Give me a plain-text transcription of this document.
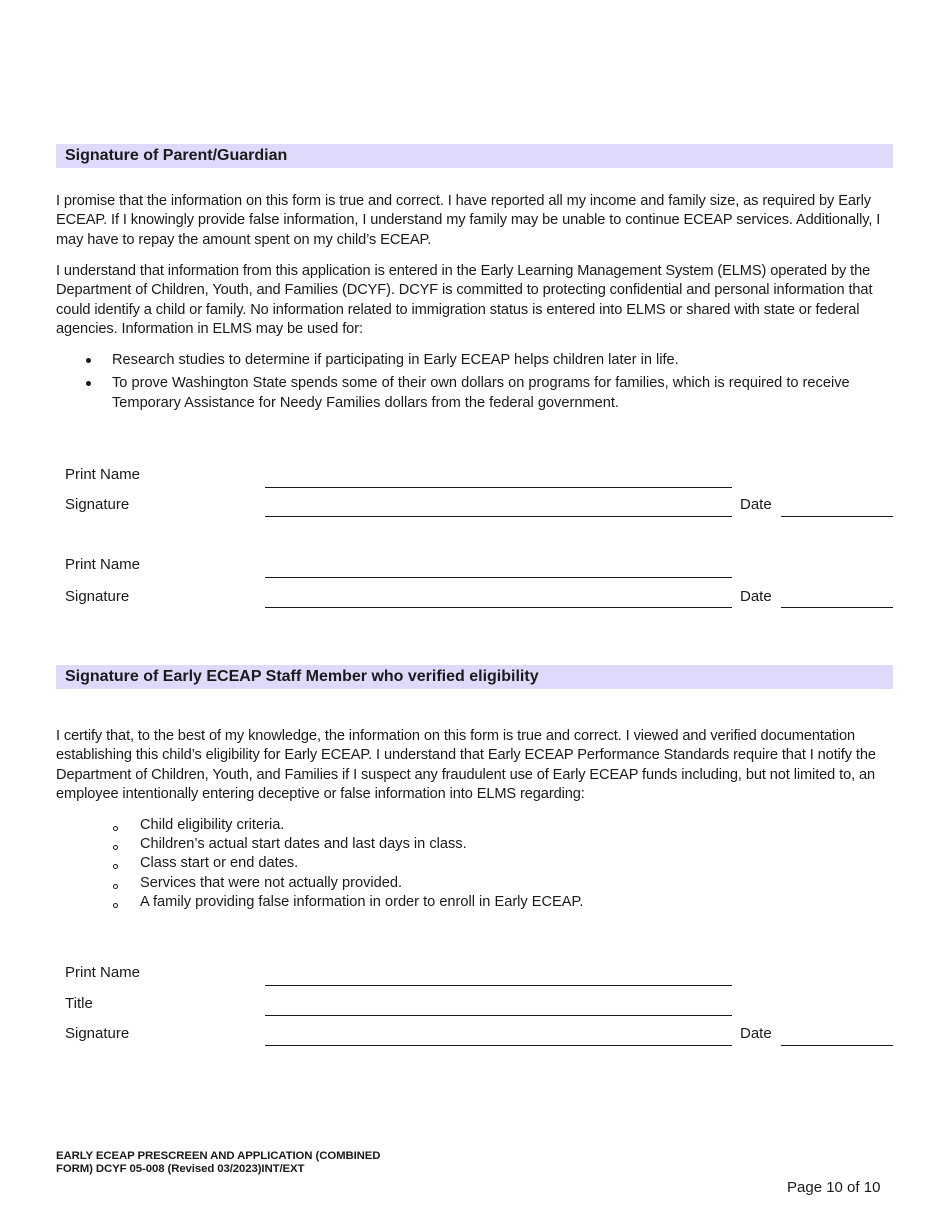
Signature of Parent/Guardian

I promise that the information on this form is true and correct. I have reported all my income and family size, as required by Early ECEAP. If I knowingly provide false information, I understand my family may be unable to continue ECEAP services. Additionally, I may have to repay the amount spent on my child’s ECEAP.

I understand that information from this application is entered in the Early Learning Management System (ELMS) operated by the Department of Children, Youth, and Families (DCYF). DCYF is committed to protecting confidential and personal information that could identify a child or family. No information related to immigration status is entered into ELMS or shared with state or federal agencies. Information in ELMS may be used for:

Research studies to determine if participating in Early ECEAP helps children later in life.
To prove Washington State spends some of their own dollars on programs for families, which is required to receive Temporary Assistance for Needy Families dollars from the federal government.
Print Name
Signature	Date
Print Name
Signature	Date
Signature of Early ECEAP Staff Member who verified eligibility

I certify that, to the best of my knowledge, the information on this form is true and correct. I viewed and verified documentation establishing this child’s eligibility for Early ECEAP. I understand that Early ECEAP Performance Standards require that I notify the Department of Children, Youth, and Families if I suspect any fraudulent use of Early ECEAP funds including, but not limited to, an employee intentionally entering deceptive or false information into ELMS regarding:

Child eligibility criteria.
Children’s actual start dates and last days in class.
Class start or end dates.
Services that were not actually provided.
A family providing false information in order to enroll in Early ECEAP.
Print Name
Title
Signature	Date
EARLY ECEAP PRESCREEN AND APPLICATION (COMBINED
FORM) DCYF 05-008 (Revised 03/2023)INT/EXT
Page 10 of 10
